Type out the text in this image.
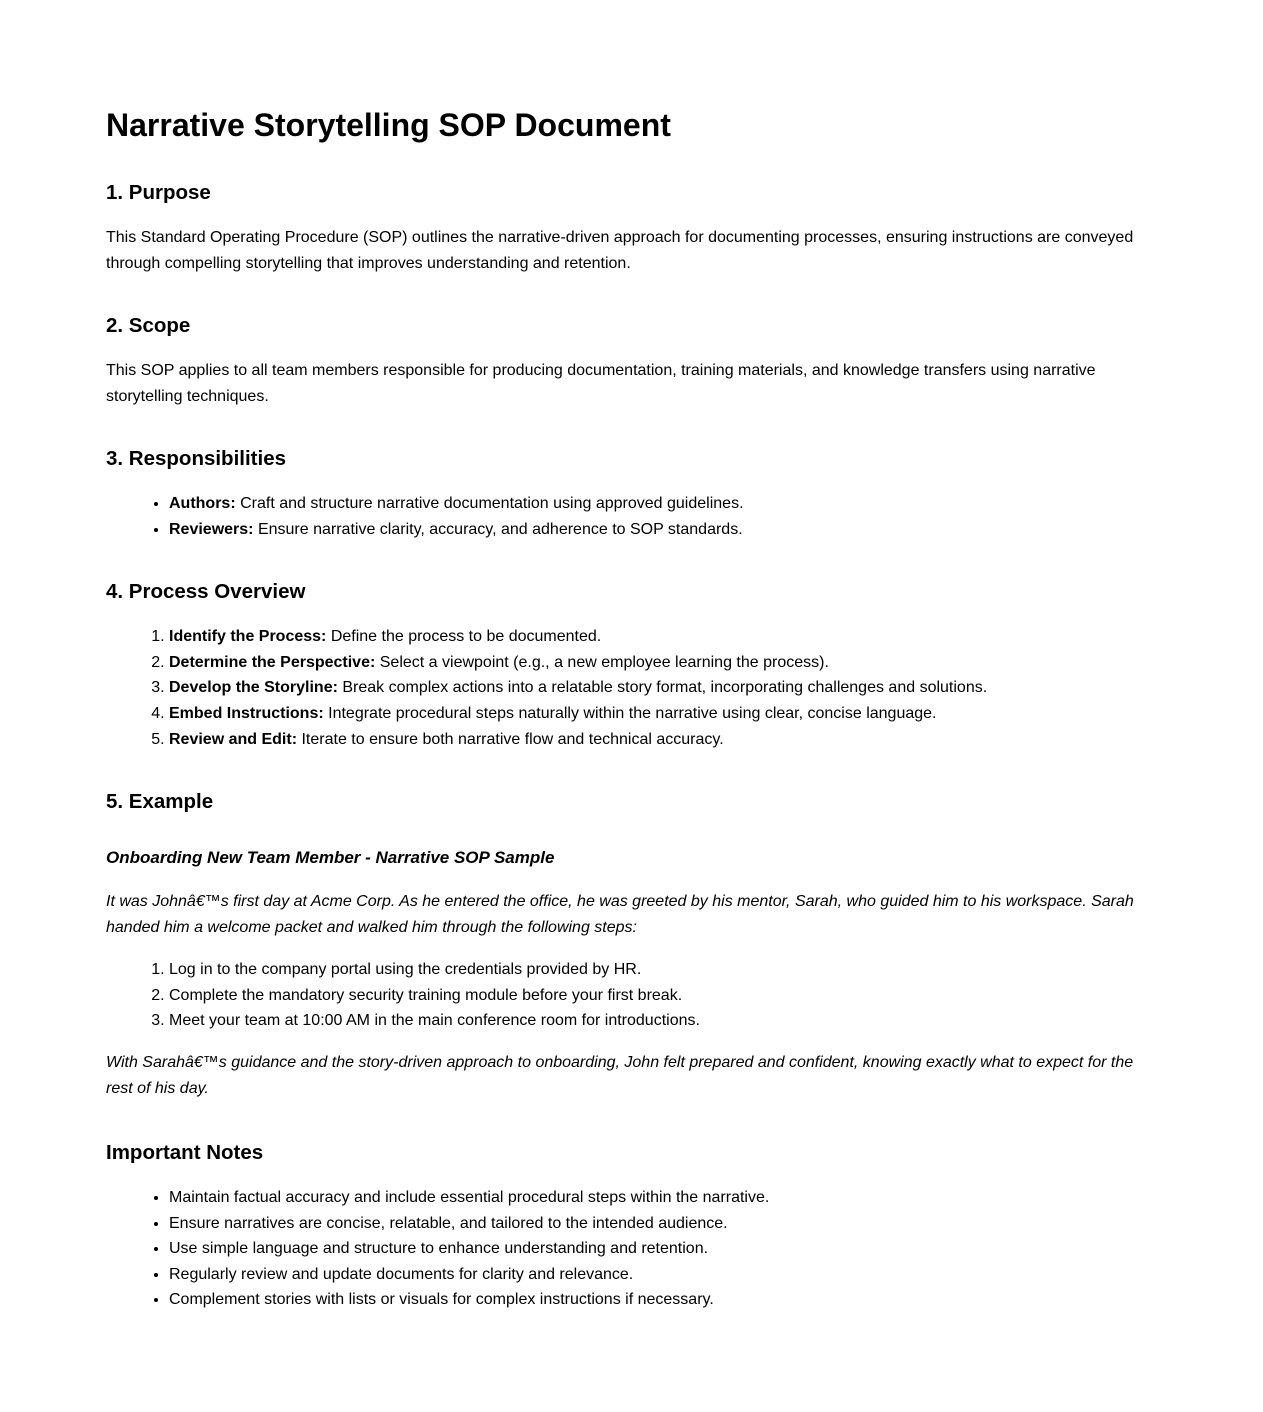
Narrative Storytelling SOP Document
1. Purpose

This Standard Operating Procedure (SOP) outlines the narrative-driven approach for documenting processes, ensuring instructions are conveyed through compelling storytelling that improves understanding and retention.

2. Scope

This SOP applies to all team members responsible for producing documentation, training materials, and knowledge transfers using narrative storytelling techniques.

3. Responsibilities
• Authors: Craft and structure narrative documentation using approved guidelines.
• Reviewers: Ensure narrative clarity, accuracy, and adherence to SOP standards.
4. Process Overview
1. Identify the Process: Define the process to be documented.
2. Determine the Perspective: Select a viewpoint (e.g., a new employee learning the process).
3. Develop the Storyline: Break complex actions into a relatable story format, incorporating challenges and solutions.
4. Embed Instructions: Integrate procedural steps naturally within the narrative using clear, concise language.
5. Review and Edit: Iterate to ensure both narrative flow and technical accuracy.
5. Example
Onboarding New Team Member - Narrative SOP Sample

It was Johnâ€™s first day at Acme Corp. As he entered the office, he was greeted by his mentor, Sarah, who guided him to his workspace. Sarah handed him a welcome packet and walked him through the following steps:

1. Log in to the company portal using the credentials provided by HR.
2. Complete the mandatory security training module before your first break.
3. Meet your team at 10:00 AM in the main conference room for introductions.

With Sarahâ€™s guidance and the story-driven approach to onboarding, John felt prepared and confident, knowing exactly what to expect for the rest of his day.

Important Notes
• Maintain factual accuracy and include essential procedural steps within the narrative.
• Ensure narratives are concise, relatable, and tailored to the intended audience.
• Use simple language and structure to enhance understanding and retention.
• Regularly review and update documents for clarity and relevance.
• Complement stories with lists or visuals for complex instructions if necessary.
